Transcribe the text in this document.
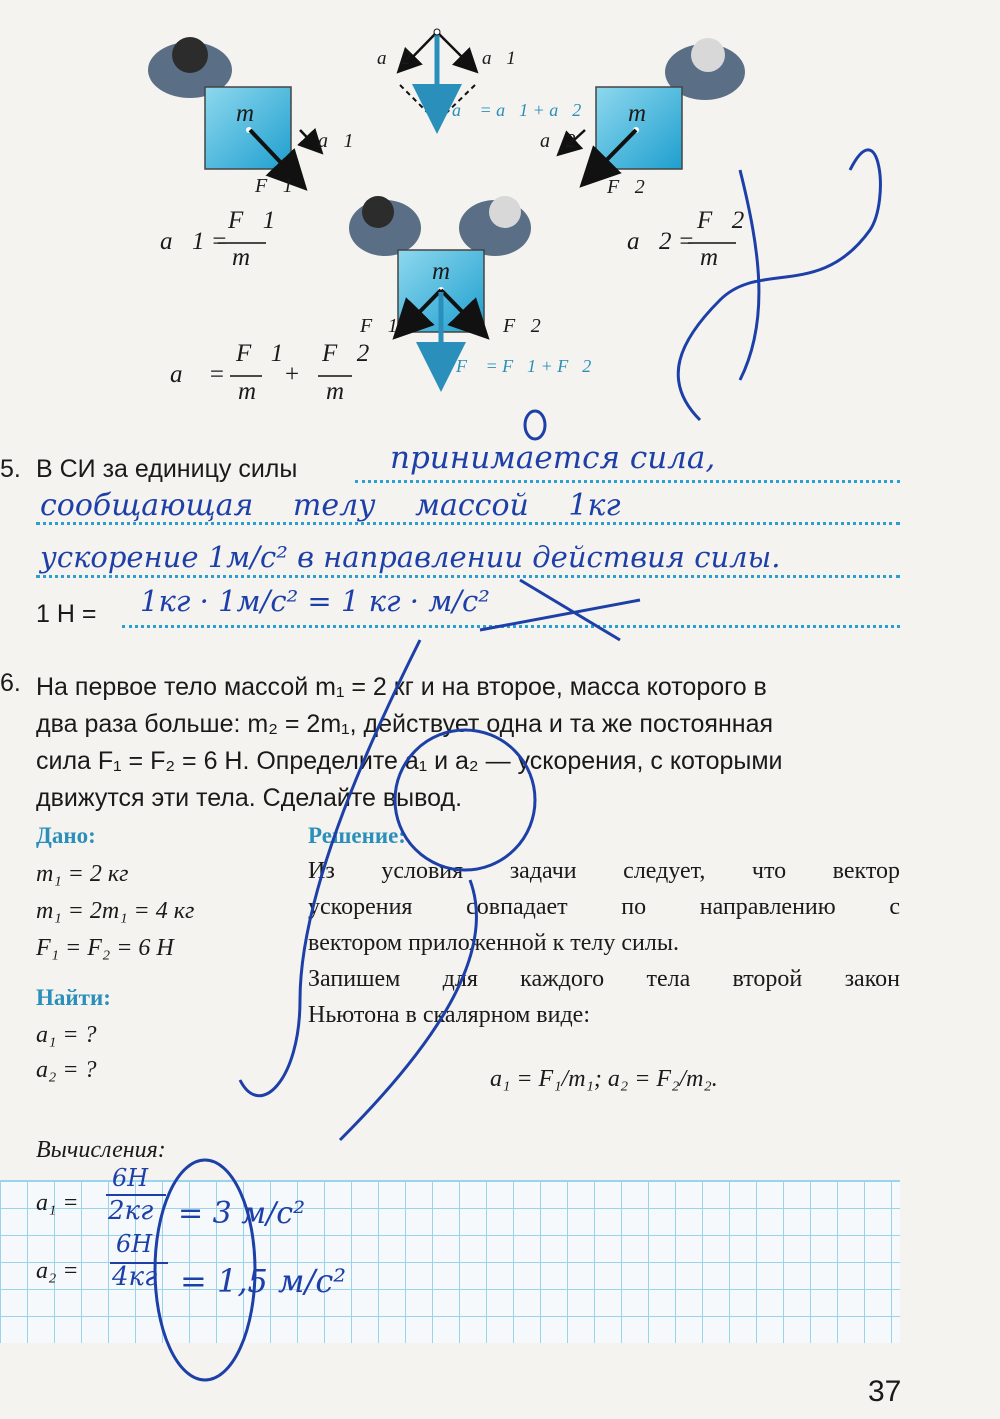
a⃗2	a⃗1
a⃗ = a⃗1 + a⃗2
m
a⃗1
F⃗1
m
a⃗2
F⃗2
m
F⃗1	F⃗2
F⃗ = F⃗1 + F⃗2
a⃗1 =
F⃗1
m
a⃗2 =
F⃗2
m
a⃗ =
F⃗1
m
+
F⃗2
m
5. В СИ за единицу силы	принимается сила,
сообщающая телу массой 1кг
ускорение 1м/с² в направлении действия силы.
1 Н = 1кг · 1м/с² = 1 кг · м/с²
6. На первое тело массой m₁ = 2 кг и на второе, масса которого в
два раза больше: m₂ = 2m₁, действует одна и та же постоянная
сила F₁ = F₂ = 6 Н. Определите a₁ и a₂ — ускорения, с которыми
движутся эти тела. Сделайте вывод.
Дано:
m₁ = 2 кг
m₁ = 2m₁ = 4 кг
F₁ = F₂ = 6 Н
Найти:
a₁ = ?
a₂ = ?
Решение:
Из условия задачи следует, что вектор
ускорения совпадает по направлению с
вектором приложенной к телу силы.
Запишем для каждого тела второй закон
Ньютона в скалярном виде:
a₁ = F₁/m₁; a₂ = F₂/m₂.
Вычисления:
a₁ =
6Н
2кг = 3 м/с²
a₂ =
6Н
4кг = 1,5 м/с²
37
